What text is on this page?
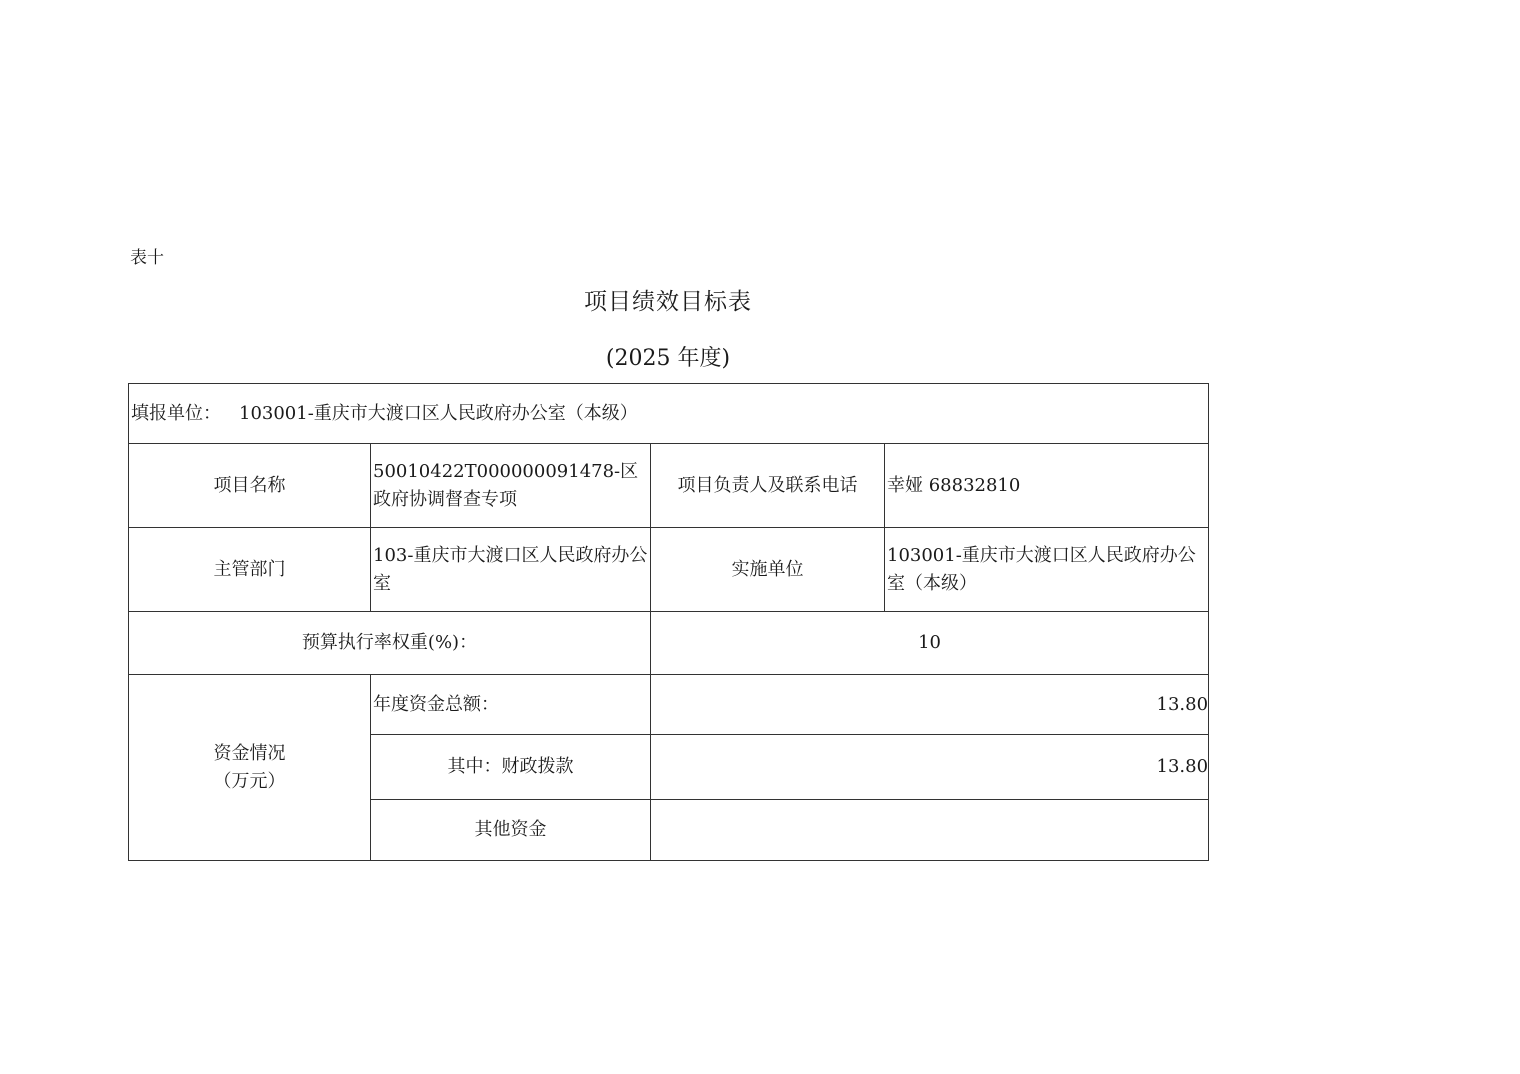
表十
项目绩效目标表
(2025 年度)
填报单位： 103001-重庆市大渡口区人民政府办公室（本级）			
项目名称	50010422T000000091478-区政府协调督查专项	项目负责人及联系电话	幸娅 68832810
主管部门	103-重庆市大渡口区人民政府办公室	实施单位	103001-重庆市大渡口区人民政府办公室（本级）
预算执行率权重(%)：		10	

资金情况
（万元）	年度资金总额：	13.80	
	其中：财政拨款	13.80	
	其他资金		
